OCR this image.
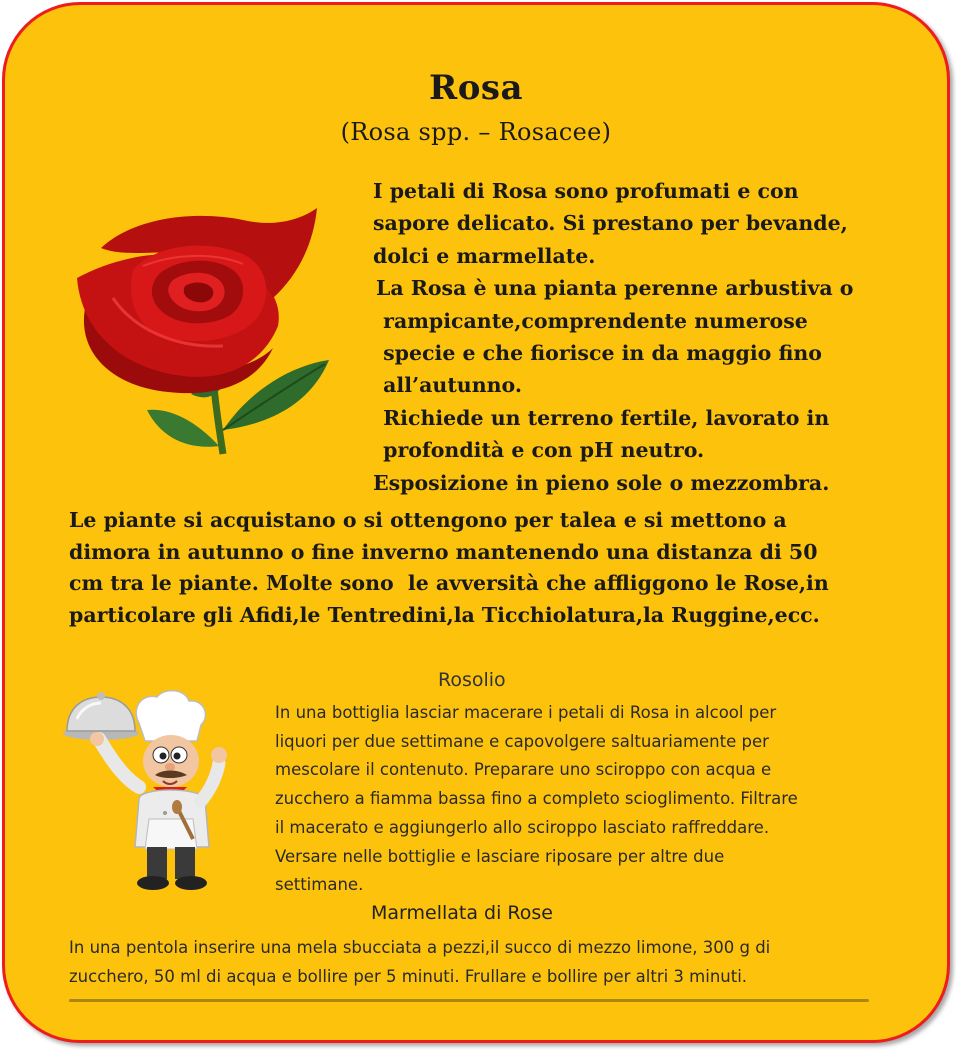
Rosa
(Rosa spp. – Rosacee)
I petali di Rosa sono profumati e con
sapore delicato. Si prestano per bevande,
dolci e marmellate.
La Rosa è una pianta perenne arbustiva o
rampicante,comprendente numerose
specie e che fiorisce in da maggio fino
all’autunno.
Richiede un terreno fertile, lavorato in
profondità e con pH neutro.
Esposizione in pieno sole o mezzombra.
Le piante si acquistano o si ottengono per talea e si mettono a
dimora in autunno o fine inverno mantenendo una distanza di 50
cm tra le piante. Molte sono  le avversità che affliggono le Rose,in
particolare gli Afidi,le Tentredini,la Ticchiolatura,la Ruggine,ecc.
Rosolio
In una bottiglia lasciar macerare i petali di Rosa in alcool per
liquori per due settimane e capovolgere saltuariamente per
mescolare il contenuto. Preparare uno sciroppo con acqua e
zucchero a fiamma bassa fino a completo scioglimento. Filtrare
il macerato e aggiungerlo allo sciroppo lasciato raffreddare.
Versare nelle bottiglie e lasciare riposare per altre due
settimane.
Marmellata di Rose
In una pentola inserire una mela sbucciata a pezzi,il succo di mezzo limone, 300 g di
zucchero, 50 ml di acqua e bollire per 5 minuti. Frullare e bollire per altri 3 minuti.
